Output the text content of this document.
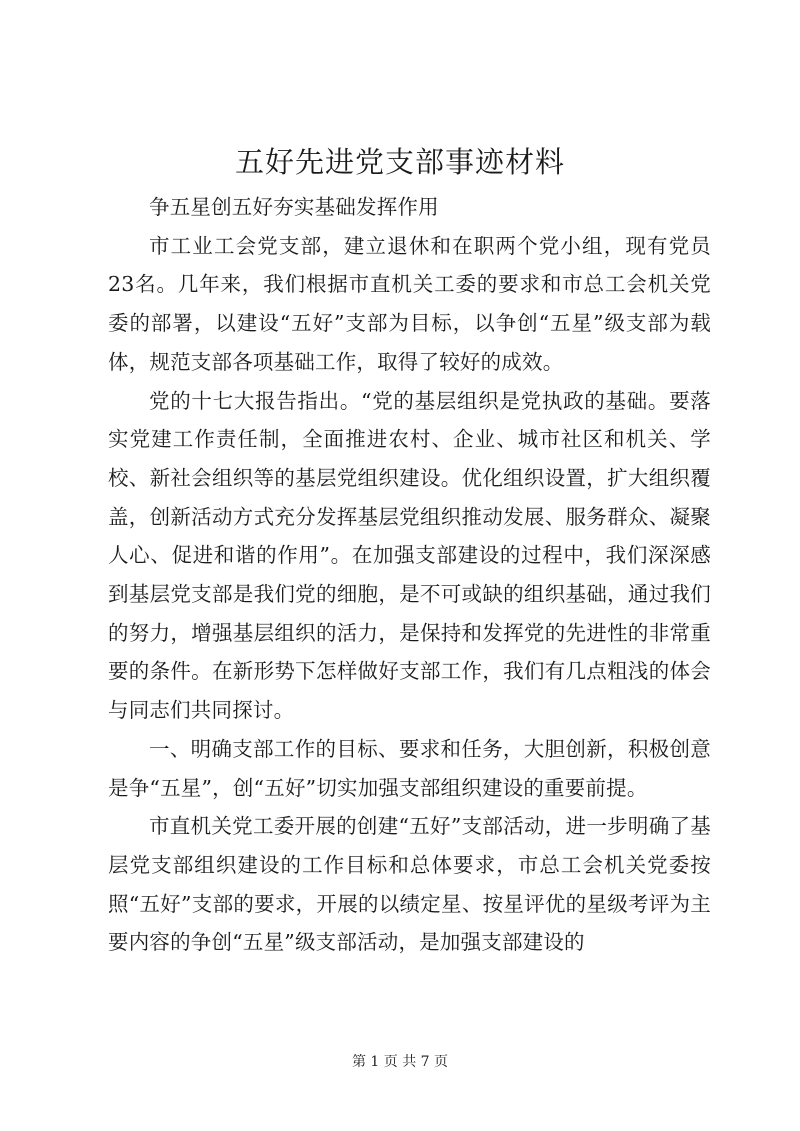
五好先进党支部事迹材料

争五星创五好夯实基础发挥作用

市工业工会党支部，建立退休和在职两个党小组，现有党员23名。几年来，我们根据市直机关工委的要求和市总工会机关党委的部署，以建设“五好”支部为目标，以争创“五星”级支部为载体，规范支部各项基础工作，取得了较好的成效。

党的十七大报告指出。“党的基层组织是党执政的基础。要落实党建工作责任制，全面推进农村、企业、城市社区和机关、学校、新社会组织等的基层党组织建设。优化组织设置，扩大组织覆盖，创新活动方式充分发挥基层党组织推动发展、服务群众、凝聚人心、促进和谐的作用”。在加强支部建设的过程中，我们深深感到基层党支部是我们党的细胞，是不可或缺的组织基础，通过我们的努力，增强基层组织的活力，是保持和发挥党的先进性的非常重要的条件。在新形势下怎样做好支部工作，我们有几点粗浅的体会与同志们共同探讨。

一、明确支部工作的目标、要求和任务，大胆创新，积极创意是争“五星”，创“五好”切实加强支部组织建设的重要前提。

市直机关党工委开展的创建“五好”支部活动，进一步明确了基层党支部组织建设的工作目标和总体要求，市总工会机关党委按照“五好”支部的要求，开展的以绩定星、按星评优的星级考评为主要内容的争创“五星”级支部活动，是加强支部建设的

第 1 页 共 7 页
